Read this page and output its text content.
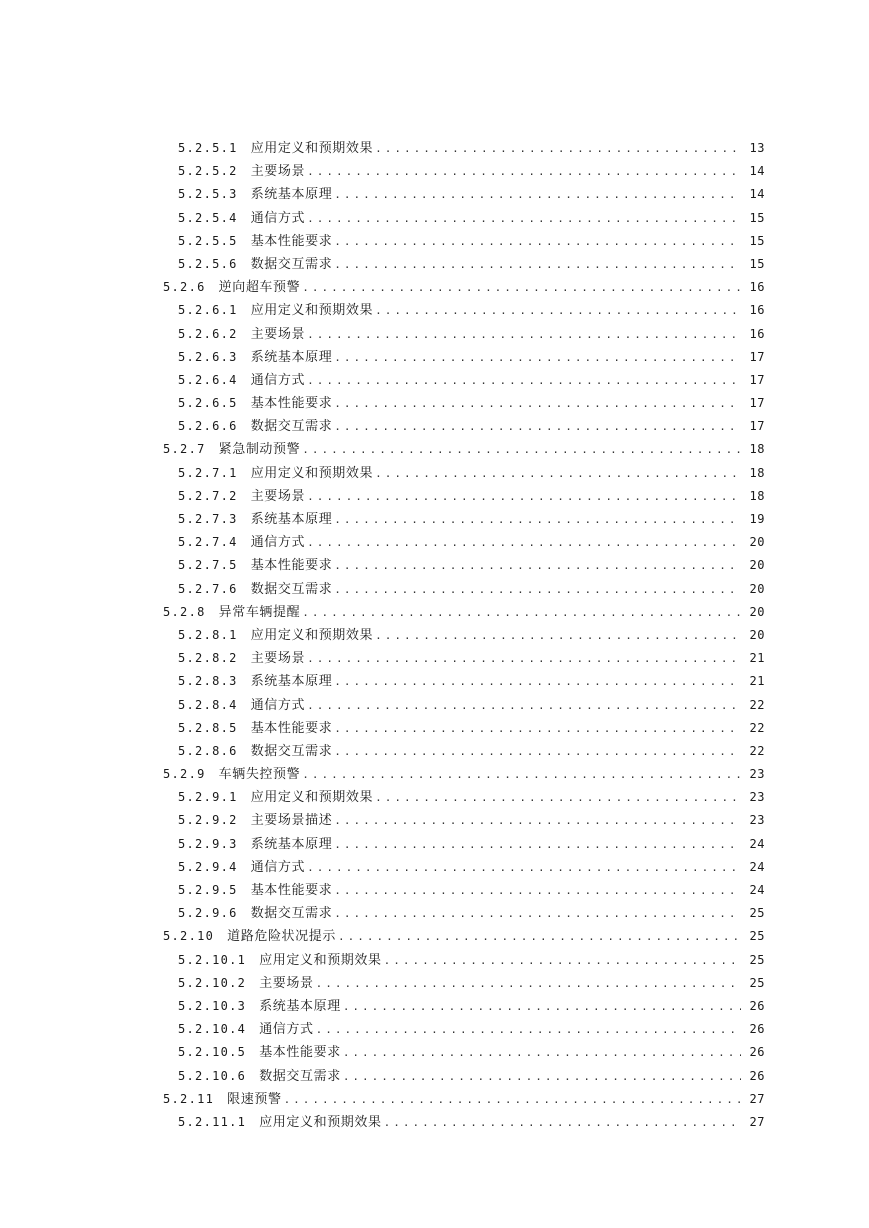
5.2.5.1 应用定义和预期效果 .....	13
5.2.5.2 主要场景 .....	14
5.2.5.3 系统基本原理 .....	14
5.2.5.4 通信方式 .....	15
5.2.5.5 基本性能要求 .....	15
5.2.5.6 数据交互需求 .....	15
5.2.6 逆向超车预警 .....	16
5.2.6.1 应用定义和预期效果 .....	16
5.2.6.2 主要场景 .....	16
5.2.6.3 系统基本原理 .....	17
5.2.6.4 通信方式 .....	17
5.2.6.5 基本性能要求 .....	17
5.2.6.6 数据交互需求 .....	17
5.2.7 紧急制动预警 .....	18
5.2.7.1 应用定义和预期效果 .....	18
5.2.7.2 主要场景 .....	18
5.2.7.3 系统基本原理 .....	19
5.2.7.4 通信方式 .....	20
5.2.7.5 基本性能要求 .....	20
5.2.7.6 数据交互需求 .....	20
5.2.8 异常车辆提醒 .....	20
5.2.8.1 应用定义和预期效果 .....	20
5.2.8.2 主要场景 .....	21
5.2.8.3 系统基本原理 .....	21
5.2.8.4 通信方式 .....	22
5.2.8.5 基本性能要求 .....	22
5.2.8.6 数据交互需求 .....	22
5.2.9 车辆失控预警 .....	23
5.2.9.1 应用定义和预期效果 .....	23
5.2.9.2 主要场景描述 .....	23
5.2.9.3 系统基本原理 .....	24
5.2.9.4 通信方式 .....	24
5.2.9.5 基本性能要求 .....	24
5.2.9.6 数据交互需求 .....	25
5.2.10 道路危险状况提示 .....	25
5.2.10.1 应用定义和预期效果 .....	25
5.2.10.2 主要场景 .....	25
5.2.10.3 系统基本原理 .....	26
5.2.10.4 通信方式 .....	26
5.2.10.5 基本性能要求 .....	26
5.2.10.6 数据交互需求 .....	26
5.2.11 限速预警 .....	27
5.2.11.1 应用定义和预期效果 .....	27
